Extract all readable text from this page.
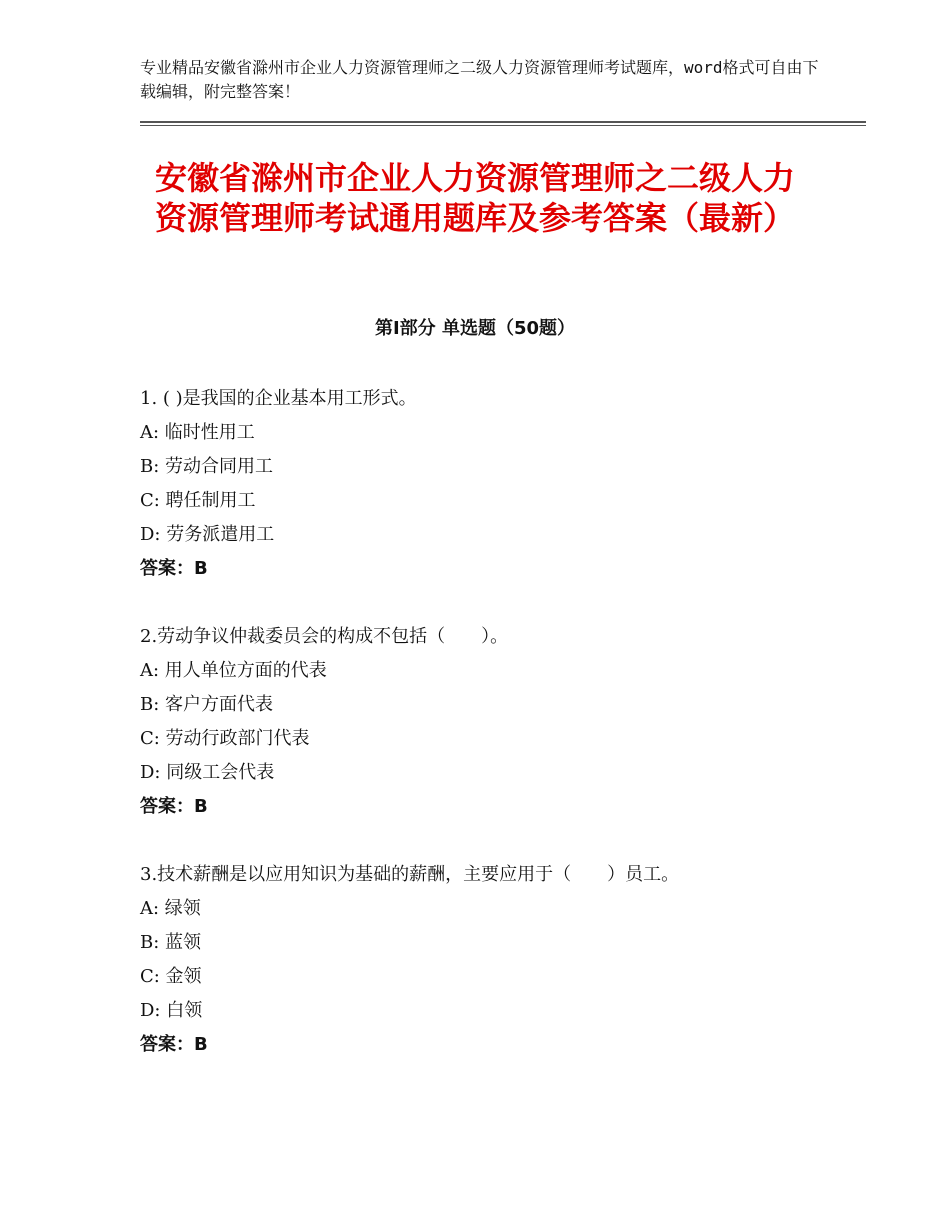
专业精品安徽省滁州市企业人力资源管理师之二级人力资源管理师考试题库，word格式可自由下载编辑，附完整答案！
安徽省滁州市企业人力资源管理师之二级人力资源管理师考试通用题库及参考答案（最新）
第Ⅰ部分 单选题（50题）
1. ( )是我国的企业基本用工形式。
A: 临时性用工
B: 劳动合同用工
C: 聘任制用工
D: 劳务派遣用工
答案：B
2.劳动争议仲裁委员会的构成不包括（　　）。
A: 用人单位方面的代表
B: 客户方面代表
C: 劳动行政部门代表
D: 同级工会代表
答案：B
3.技术薪酬是以应用知识为基础的薪酬，主要应用于（　　）员工。
A: 绿领
B: 蓝领
C: 金领
D: 白领
答案：B
